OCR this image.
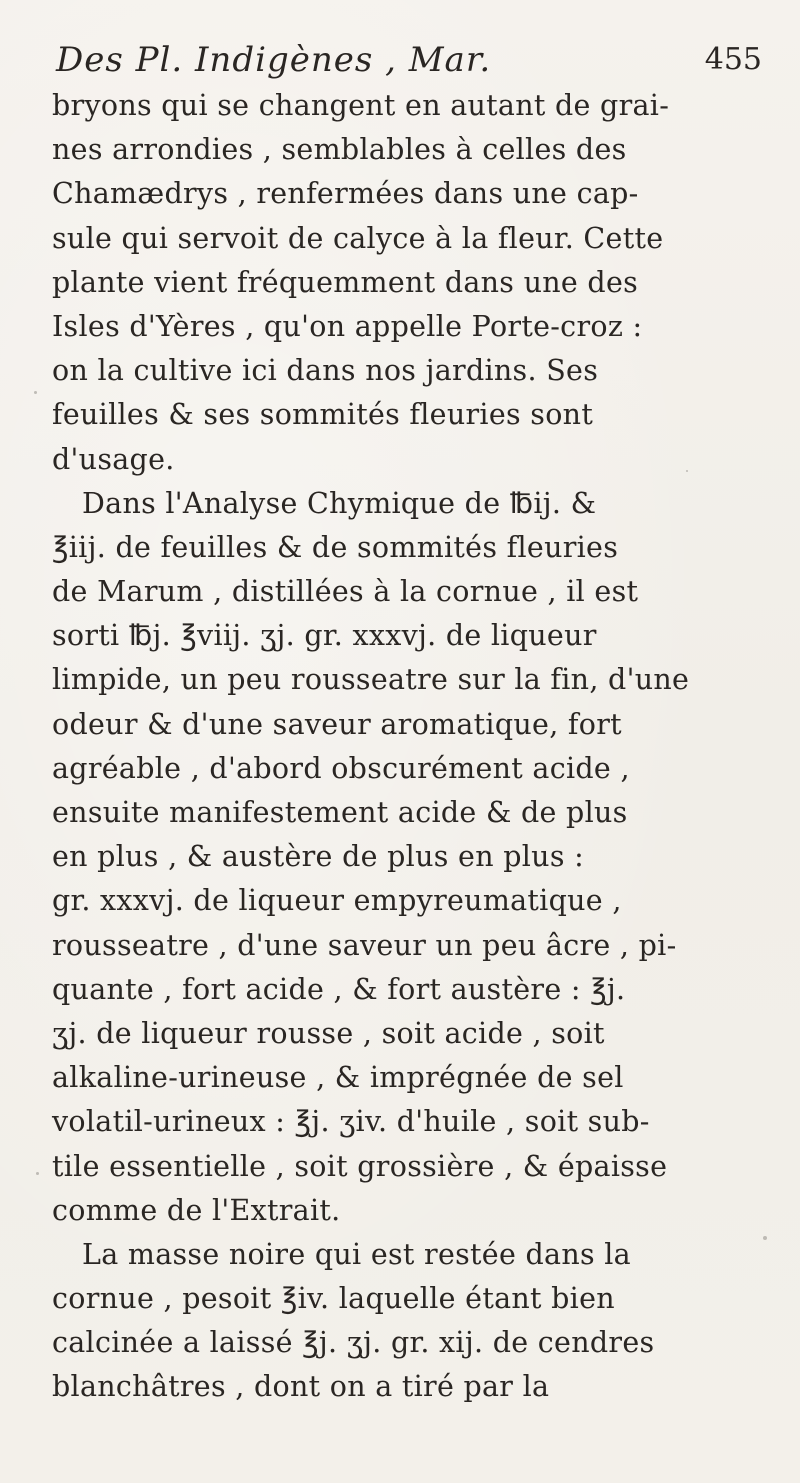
Des Pl. Indigènes , Mar.	455
bryons qui se changent en autant de grai-
nes arrondies , semblables à celles des
Chamædrys , renfermées dans une cap-
sule qui servoit de calyce à la fleur. Cette
plante vient fréquemment dans une des
Isles d'Yères , qu'on appelle Porte-croz :
on la cultive ici dans nos jardins. Ses
feuilles & ses sommités fleuries sont
d'usage.
Dans l'Analyse Chymique de ℔ij. &
℥iij. de feuilles & de sommités fleuries
de Marum , distillées à la cornue , il est
sorti ℔j. ℥viij. ʒj. gr. xxxvj. de liqueur
limpide, un peu rousseatre sur la fin, d'une
odeur & d'une saveur aromatique, fort
agréable , d'abord obscurément acide ,
ensuite manifestement acide & de plus
en plus , & austère de plus en plus :
gr. xxxvj. de liqueur empyreumatique ,
rousseatre , d'une saveur un peu âcre , pi-
quante , fort acide , & fort austère : ℥j.
ʒj. de liqueur rousse , soit acide , soit
alkaline-urineuse , & imprégnée de sel
volatil-urineux : ℥j. ʒiv. d'huile , soit sub-
tile essentielle , soit grossière , & épaisse
comme de l'Extrait.
La masse noire qui est restée dans la
cornue , pesoit ℥iv. laquelle étant bien
calcinée a laissé ℥j. ʒj. gr. xij. de cendres
blanchâtres , dont on a tiré par la
